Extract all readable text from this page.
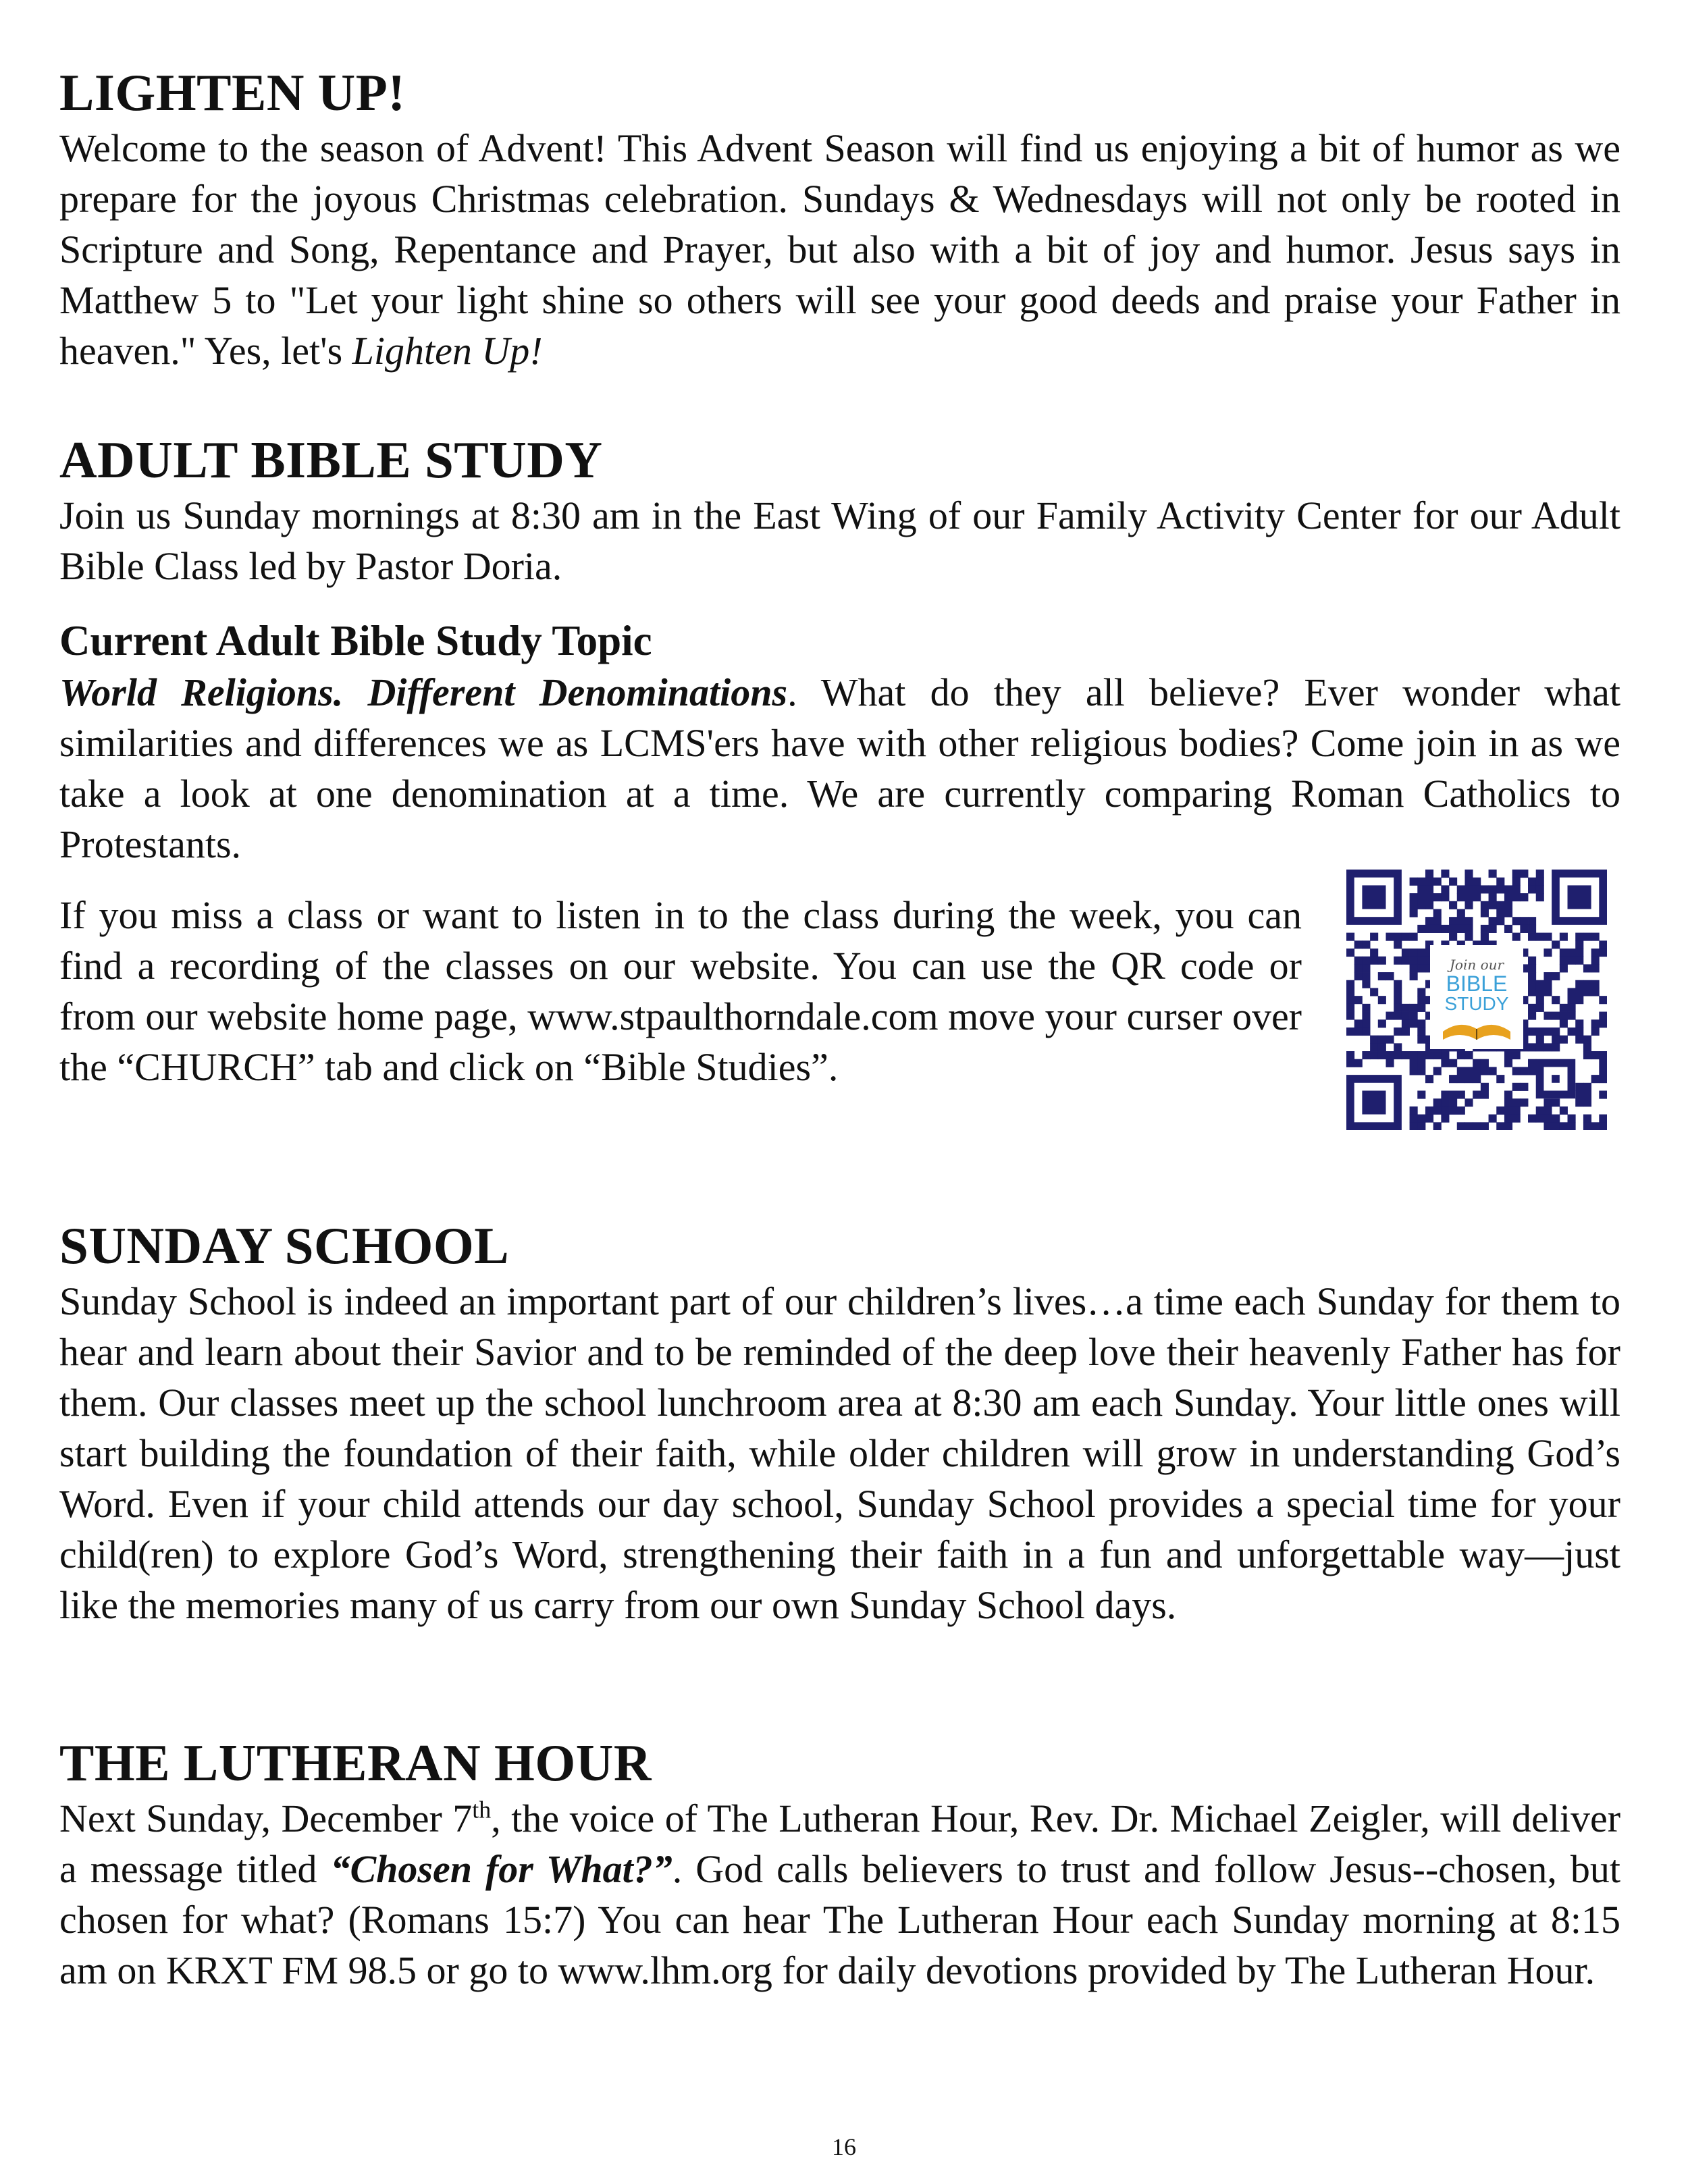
LIGHTEN UP!

Welcome to the season of Advent! This Advent Season will find us enjoying a bit of humor as we prepare for the joyous Christmas celebration. Sundays & Wednesdays will not only be rooted in Scripture and Song, Repentance and Prayer, but also with a bit of joy and humor. Jesus says in Matthew 5 to "Let your light shine so others will see your good deeds and praise your Father in heaven." Yes, let's Lighten Up!

ADULT BIBLE STUDY

Join us Sunday mornings at 8:30 am in the East Wing of our Family Activity Center for our Adult Bible Class led by Pastor Doria.

Current Adult Bible Study Topic

World Religions. Different Denominations. What do they all believe? Ever wonder what similarities and differences we as LCMS'ers have with other religious bodies? Come join in as we take a look at one denomination at a time. We are currently comparing Roman Catholics to Protestants.

If you miss a class or want to listen in to the class during the week, you can find a recording of the classes on our website. You can use the QR code or from our website home page, www.stpaulthorndale.com move your curser over the “CHURCH” tab and click on “Bible Studies”.

Join our
BIBLE
STUDY
SUNDAY SCHOOL

Sunday School is indeed an important part of our children’s lives…a time each Sunday for them to hear and learn about their Savior and to be reminded of the deep love their heavenly Father has for them. Our classes meet up the school lunchroom area at 8:30 am each Sunday. Your little ones will start building the foundation of their faith, while older children will grow in understanding God’s Word. Even if your child attends our day school, Sunday School provides a special time for your child(ren) to explore God’s Word, strengthening their faith in a fun and unforgettable way—just like the memories many of us carry from our own Sunday School days.

THE LUTHERAN HOUR

Next Sunday, December 7th, the voice of The Lutheran Hour, Rev. Dr. Michael Zeigler, will deliver a message titled “Chosen for What?”. God calls believers to trust and follow Jesus--chosen, but chosen for what? (Romans 15:7) You can hear The Lutheran Hour each Sunday morning at 8:15 am on KRXT FM 98.5 or go to www.lhm.org for daily devotions provided by The Lutheran Hour.

16
